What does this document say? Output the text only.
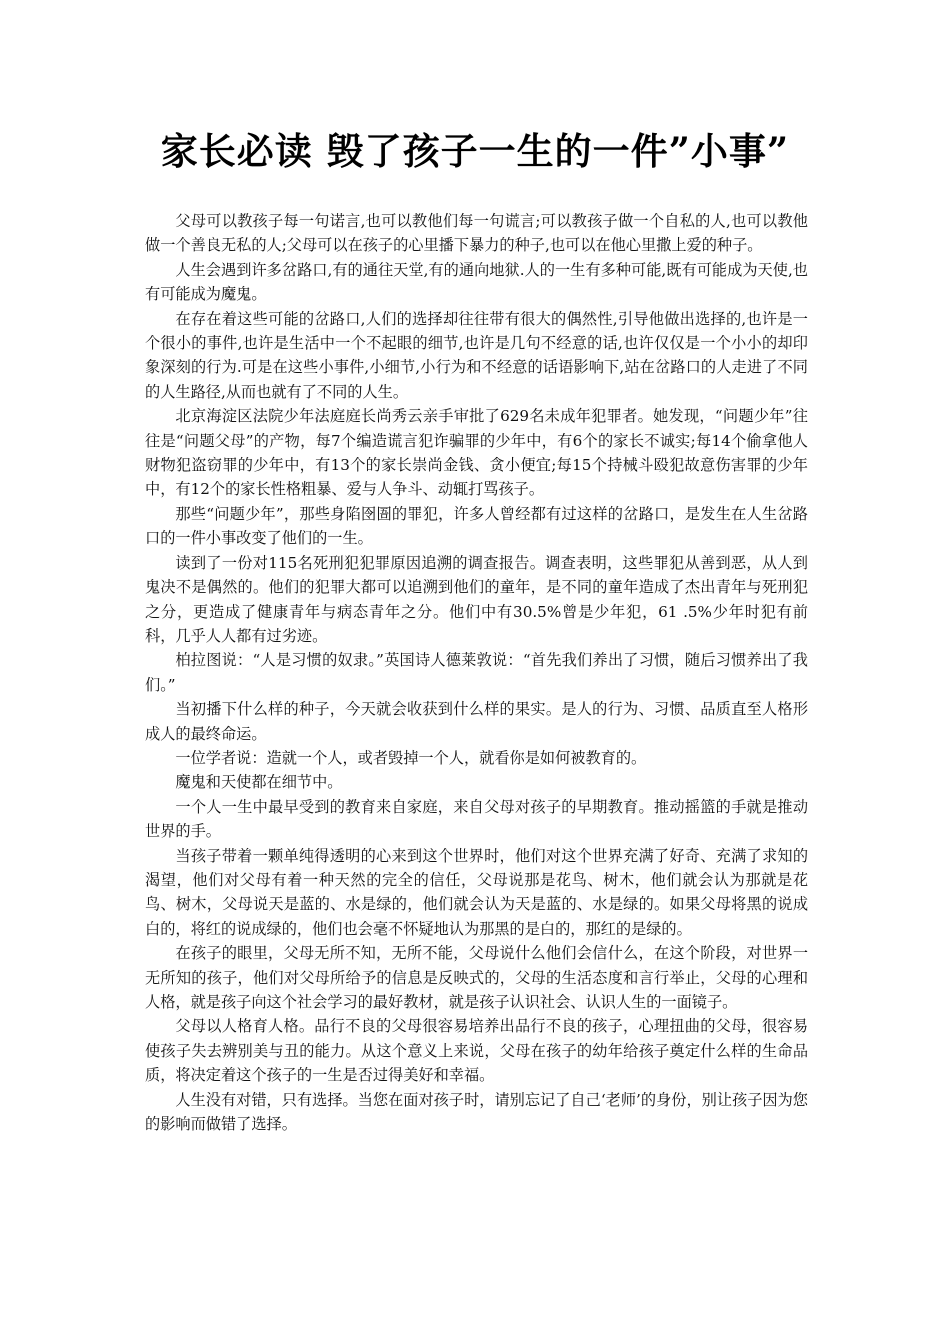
家长必读 毁了孩子一生的一件”小事”

父母可以教孩子每一句诺言,也可以教他们每一句谎言;可以教孩子做一个自私的人,也可以教他做一个善良无私的人;父母可以在孩子的心里播下暴力的种子,也可以在他心里撒上爱的种子。

人生会遇到许多岔路口,有的通往天堂,有的通向地狱.人的一生有多种可能,既有可能成为天使,也有可能成为魔鬼。

在存在着这些可能的岔路口,人们的选择却往往带有很大的偶然性,引导他做出选择的,也许是一个很小的事件,也许是生活中一个不起眼的细节,也许是几句不经意的话,也许仅仅是一个小小的却印象深刻的行为.可是在这些小事件,小细节,小行为和不经意的话语影响下,站在岔路口的人走进了不同的人生路径,从而也就有了不同的人生。

北京海淀区法院少年法庭庭长尚秀云亲手审批了629名未成年犯罪者。她发现，“问题少年”往往是“问题父母”的产物，每7个编造谎言犯诈骗罪的少年中，有6个的家长不诚实;每14个偷拿他人财物犯盗窃罪的少年中，有13个的家长崇尚金钱、贪小便宜;每15个持械斗殴犯故意伤害罪的少年中，有12个的家长性格粗暴、爱与人争斗、动辄打骂孩子。

那些“问题少年”，那些身陷囹圄的罪犯，许多人曾经都有过这样的岔路口，是发生在人生岔路口的一件小事改变了他们的一生。

读到了一份对115名死刑犯犯罪原因追溯的调查报告。调查表明，这些罪犯从善到恶，从人到鬼决不是偶然的。他们的犯罪大都可以追溯到他们的童年，是不同的童年造成了杰出青年与死刑犯之分，更造成了健康青年与病态青年之分。他们中有30.5%曾是少年犯，61 .5%少年时犯有前科，几乎人人都有过劣迹。

柏拉图说：“人是习惯的奴隶。”英国诗人德莱敦说：“首先我们养出了习惯，随后习惯养出了我们。”

当初播下什么样的种子，今天就会收获到什么样的果实。是人的行为、习惯、品质直至人格形成人的最终命运。

一位学者说：造就一个人，或者毁掉一个人，就看你是如何被教育的。

魔鬼和天使都在细节中。

一个人一生中最早受到的教育来自家庭，来自父母对孩子的早期教育。推动摇篮的手就是推动世界的手。

当孩子带着一颗单纯得透明的心来到这个世界时，他们对这个世界充满了好奇、充满了求知的渴望，他们对父母有着一种天然的完全的信任，父母说那是花鸟、树木，他们就会认为那就是花鸟、树木，父母说天是蓝的、水是绿的，他们就会认为天是蓝的、水是绿的。如果父母将黑的说成白的，将红的说成绿的，他们也会毫不怀疑地认为那黑的是白的，那红的是绿的。

在孩子的眼里，父母无所不知，无所不能，父母说什么他们会信什么，在这个阶段，对世界一无所知的孩子，他们对父母所给予的信息是反映式的，父母的生活态度和言行举止，父母的心理和人格，就是孩子向这个社会学习的最好教材，就是孩子认识社会、认识人生的一面镜子。

父母以人格育人格。品行不良的父母很容易培养出品行不良的孩子，心理扭曲的父母，很容易使孩子失去辨别美与丑的能力。从这个意义上来说，父母在孩子的幼年给孩子奠定什么样的生命品质，将决定着这个孩子的一生是否过得美好和幸福。

人生没有对错，只有选择。当您在面对孩子时，请别忘记了自己‘老师’的身份，别让孩子因为您的影响而做错了选择。
